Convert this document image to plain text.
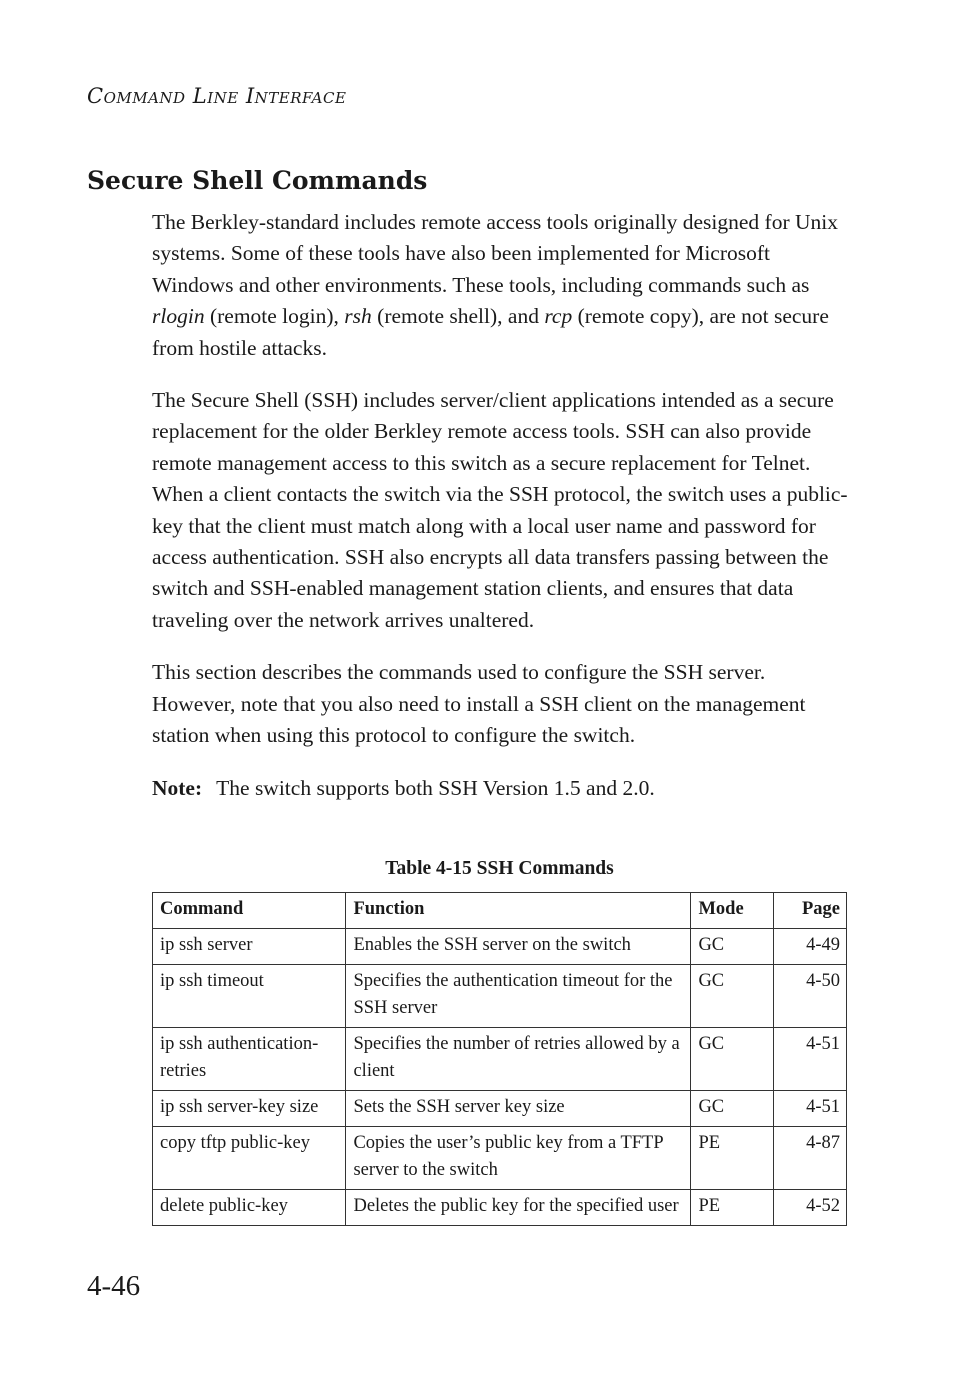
Command Line Interface
Secure Shell Commands

The Berkley-standard includes remote access tools originally designed for Unix systems. Some of these tools have also been implemented for Microsoft Windows and other environments. These tools, including commands such as rlogin (remote login), rsh (remote shell), and rcp (remote copy), are not secure from hostile attacks.

The Secure Shell (SSH) includes server/client applications intended as a secure replacement for the older Berkley remote access tools. SSH can also provide remote management access to this switch as a secure replacement for Telnet. When a client contacts the switch via the SSH protocol, the switch uses a public-key that the client must match along with a local user name and password for access authentication. SSH also encrypts all data transfers passing between the switch and SSH-enabled management station clients, and ensures that data traveling over the network arrives unaltered.

This section describes the commands used to configure the SSH server. However, note that you also need to install a SSH client on the management station when using this protocol to configure the switch.

Note: The switch supports both SSH Version 1.5 and 2.0.

Table 4-15 SSH Commands
Command	Function	Mode	Page
ip ssh server	Enables the SSH server on the switch	GC	4-49
ip ssh timeout	Specifies the authentication timeout for the SSH server	GC	4-50
ip ssh authentication-retries	Specifies the number of retries allowed by a client	GC	4-51
ip ssh server-key size	Sets the SSH server key size	GC	4-51
copy tftp public-key	Copies the user’s public key from a TFTP server to the switch	PE	4-87
delete public-key	Deletes the public key for the specified user	PE	4-52
4-46
